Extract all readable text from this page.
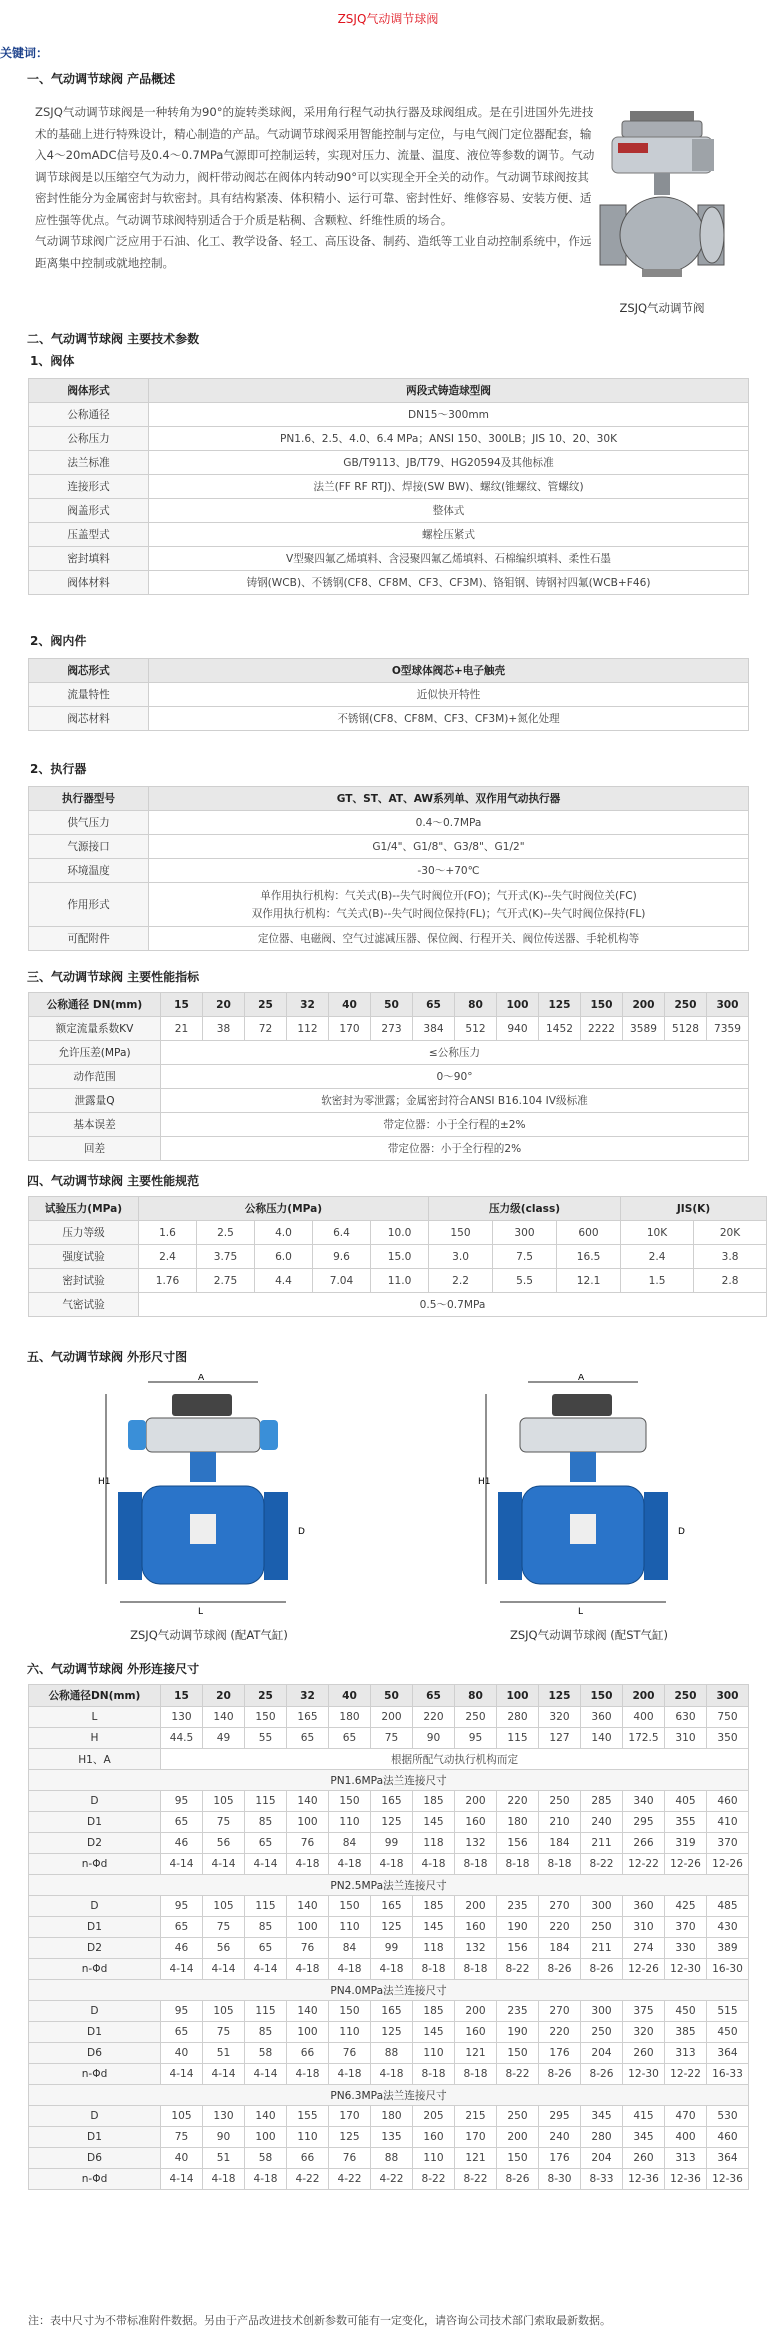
ZSJQ气动调节球阀
关键词：
一、气动调节球阀 产品概述

ZSJQ气动调节球阀是一种转角为90°的旋转类球阀，采用角行程气动执行器及球阀组成。是在引进国外先进技术的基础上进行特殊设计，精心制造的产品。气动调节球阀采用智能控制与定位，与电气阀门定位器配套，输入4～20mADC信号及0.4～0.7MPa气源即可控制运转，实现对压力、流量、温度、液位等参数的调节。气动调节球阀是以压缩空气为动力，阀杆带动阀芯在阀体内转动90°可以实现全开全关的动作。气动调节球阀按其密封性能分为金属密封与软密封。具有结构紧凑、体积精小、运行可靠、密封性好、维修容易、安装方便、适应性强等优点。气动调节球阀特别适合于介质是粘稠、含颗粒、纤维性质的场合。

气动调节球阀广泛应用于石油、化工、教学设备、轻工、高压设备、制药、造纸等工业自动控制系统中，作远距离集中控制或就地控制。

ZSJQ气动调节阀
二、气动调节球阀 主要技术参数
1、阀体
阀体形式	两段式铸造球型阀
公称通径	DN15～300mm
公称压力	PN1.6、2.5、4.0、6.4 MPa；ANSI 150、300LB；JIS 10、20、30K
法兰标准	GB/T9113、JB/T79、HG20594及其他标准
连接形式	法兰(FF RF RTJ)、焊接(SW BW)、螺纹(锥螺纹、管螺纹)
阀盖形式	整体式
压盖型式	螺栓压紧式
密封填料	V型聚四氟乙烯填料、含浸聚四氟乙烯填料、石棉编织填料、柔性石墨
阀体材料	铸钢(WCB)、不锈钢(CF8、CF8M、CF3、CF3M)、铬钼钢、铸钢衬四氟(WCB+F46)
2、阀内件
阀芯形式	O型球体阀芯+电子触壳
流量特性	近似快开特性
阀芯材料	不锈钢(CF8、CF8M、CF3、CF3M)+氮化处理
2、执行器
执行器型号	GT、ST、AT、AW系列单、双作用气动执行器
供气压力	0.4～0.7MPa
气源接口	G1/4"、G1/8"、G3/8"、G1/2"
环境温度	-30～+70℃
作用形式	单作用执行机构：气关式(B)--失气时阀位开(FO)；气开式(K)--失气时阀位关(FC)
双作用执行机构：气关式(B)--失气时阀位保持(FL)；气开式(K)--失气时阀位保持(FL)

可配附件	定位器、电磁阀、空气过滤减压器、保位阀、行程开关、阀位传送器、手轮机构等
三、气动调节球阀 主要性能指标
公称通径 DN(mm)	15	20	25	32	40	50	65	80	100	125	150	200	250	300
额定流量系数KV	21	38	72	112	170	273	384	512	940	1452	2222	3589	5128	7359
允许压差(MPa)	≤公称压力													
动作范围	0～90°													
泄露量Q	软密封为零泄露；金属密封符合ANSI B16.104 IV级标准													
基本误差	带定位器：小于全行程的±2%													
回差	带定位器：小于全行程的2%													
四、气动调节球阀 主要性能规范
试验压力(MPa)	公称压力(MPa)					压力级(class)			JIS(K)	
压力等级	1.6	2.5	4.0	6.4	10.0	150	300	600	10K	20K
强度试验	2.4	3.75	6.0	9.6	15.0	3.0	7.5	16.5	2.4	3.8
密封试验	1.76	2.75	4.4	7.04	11.0	2.2	5.5	12.1	1.5	2.8
气密试验	0.5～0.7MPa									
五、气动调节球阀 外形尺寸图
A
H1
L
D
ZSJQ气动调节球阀 (配AT气缸)
A
H1
L
D
ZSJQ气动调节球阀 (配ST气缸)
六、气动调节球阀 外形连接尺寸
公称通径DN(mm)	15	20	25	32	40	50	65	80	100	125	150	200	250	300
L	130	140	150	165	180	200	220	250	280	320	360	400	630	750
H	44.5	49	55	65	65	75	90	95	115	127	140	172.5	310	350
H1、A	根据所配气动执行机构而定													
PN1.6MPa法兰连接尺寸														
D	95	105	115	140	150	165	185	200	220	250	285	340	405	460
D1	65	75	85	100	110	125	145	160	180	210	240	295	355	410
D2	46	56	65	76	84	99	118	132	156	184	211	266	319	370
n-Φd	4-14	4-14	4-14	4-18	4-18	4-18	4-18	8-18	8-18	8-18	8-22	12-22	12-26	12-26
PN2.5MPa法兰连接尺寸														
D	95	105	115	140	150	165	185	200	235	270	300	360	425	485
D1	65	75	85	100	110	125	145	160	190	220	250	310	370	430
D2	46	56	65	76	84	99	118	132	156	184	211	274	330	389
n-Φd	4-14	4-14	4-14	4-18	4-18	4-18	8-18	8-18	8-22	8-26	8-26	12-26	12-30	16-30
PN4.0MPa法兰连接尺寸														
D	95	105	115	140	150	165	185	200	235	270	300	375	450	515
D1	65	75	85	100	110	125	145	160	190	220	250	320	385	450
D6	40	51	58	66	76	88	110	121	150	176	204	260	313	364
n-Φd	4-14	4-14	4-14	4-18	4-18	4-18	8-18	8-18	8-22	8-26	8-26	12-30	12-22	16-33
PN6.3MPa法兰连接尺寸														
D	105	130	140	155	170	180	205	215	250	295	345	415	470	530
D1	75	90	100	110	125	135	160	170	200	240	280	345	400	460
D6	40	51	58	66	76	88	110	121	150	176	204	260	313	364
n-Φd	4-14	4-18	4-18	4-22	4-22	4-22	8-22	8-22	8-26	8-30	8-33	12-36	12-36	12-36
注：表中尺寸为不带标准附件数据。另由于产品改进技术创新参数可能有一定变化，请咨询公司技术部门索取最新数据。
